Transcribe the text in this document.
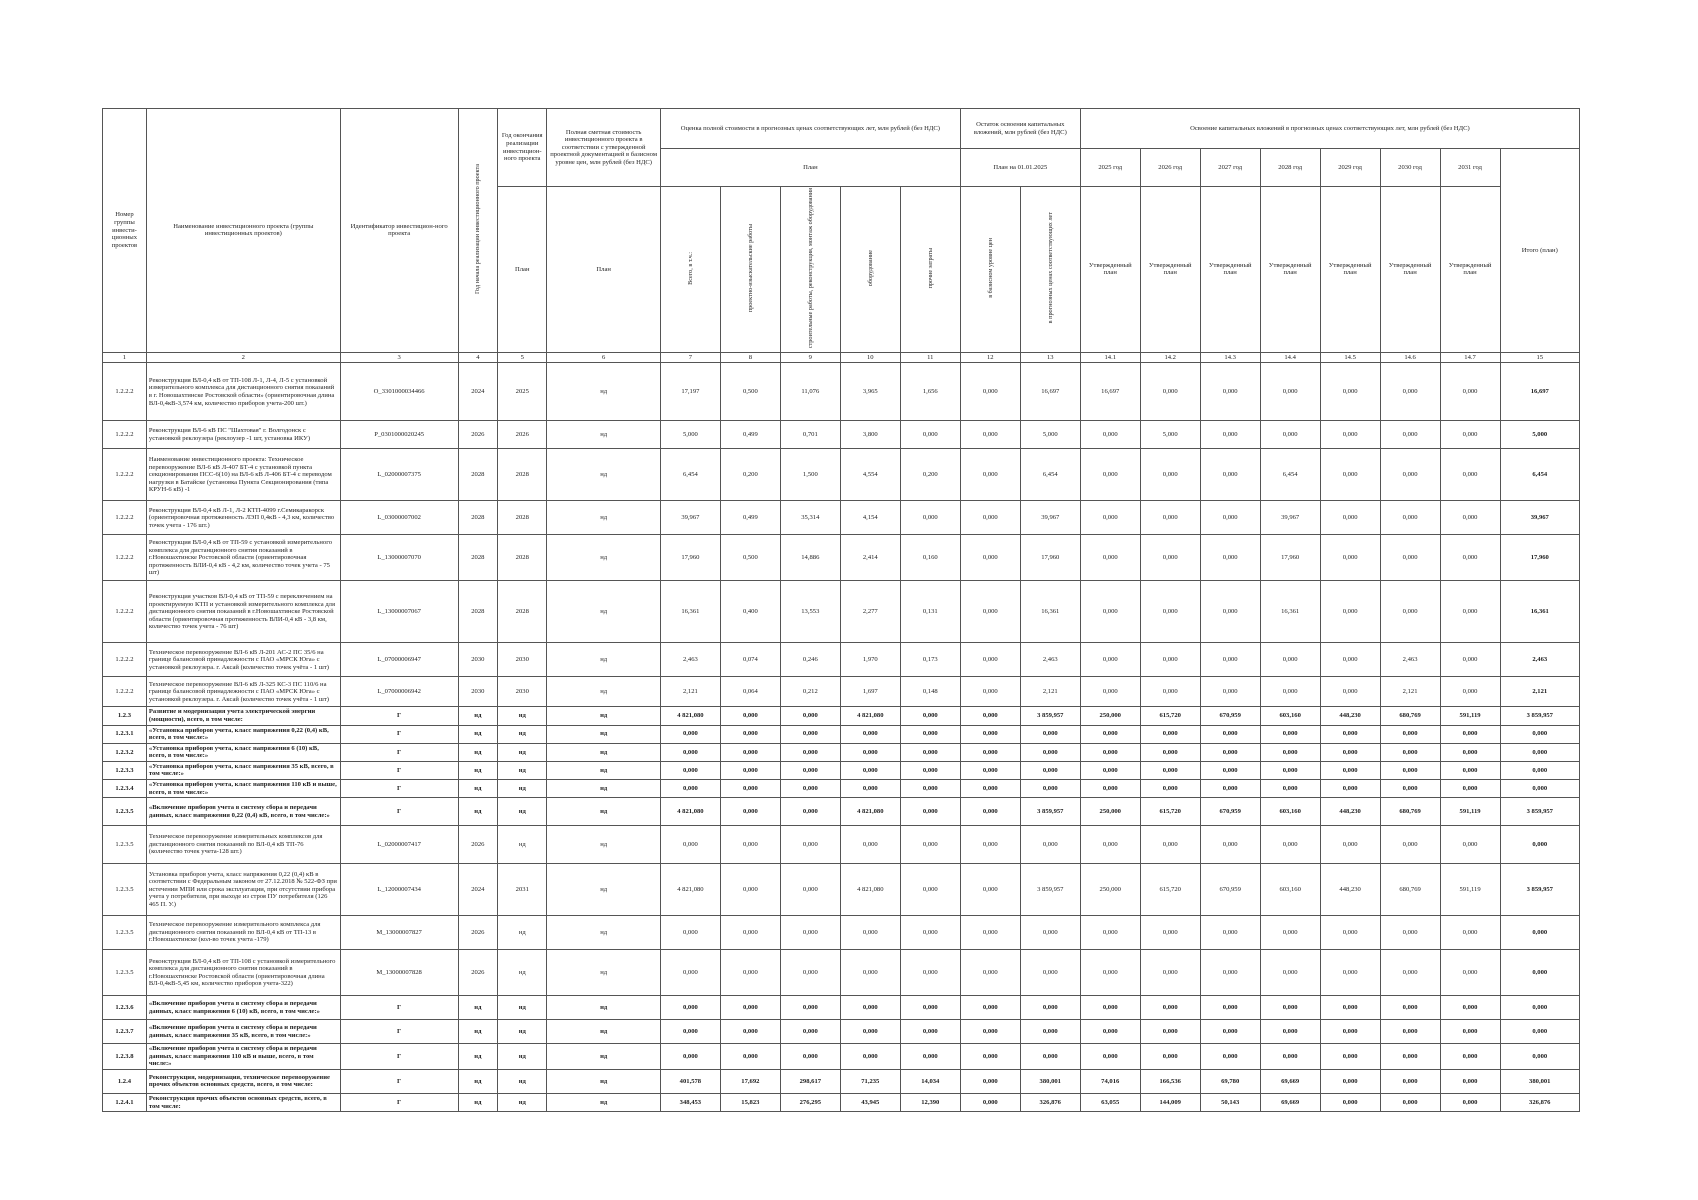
Номер группы инвести-ционных проектов	Наименование инвестиционного проекта (группы инвестиционных проектов)	Идентификатор инвестицион-ного проекта	Год начала реализации инвестиционного проекта	Год окончания реализации инвестицион-ного проекта	Полная сметная стоимость инвестиционного проекта в соответствии с утвержденной проектной документацией в базисном уровне цен, млн рублей (без НДС)	Оценка полной стоимости в прогнозных ценах соответствующих лет, млн рублей (без НДС)					Остаток освоения капитальных вложений, млн рублей (без НДС)		Освоение капитальных вложений в прогнозных ценах соответствующих лет, млн рублей (без НДС)							
						План					План на 01.01.2025		2025 год	2026 год	2027 год	2028 год	2029 год	2030 год	2031 год	Итого (план)
				План	План	Всего, в т.ч.:	проектно-изыскательские работы	строительные работы, реконструкция, монтаж оборудования	оборудование	прочие затраты	в базисном уровне цен	в прогнозных ценах соответствующих лет	Утвержденный план	Утвержденный план	Утвержденный план	Утвержденный план	Утвержденный план	Утвержденный план	Утвержденный план	
1	2	3	4	5	6	7	8	9	10	11	12	13	14.1	14.2	14.3	14.4	14.5	14.6	14.7	15
1.2.2.2	Реконструкция ВЛ-0,4 кВ от ТП-108 Л-1, Л-4, Л-5 с установкой измерительного комплекса для дистанционного снятия показаний в г. Новошахтинске Ростовской области» (ориентировочная длина ВЛ-0,4кВ-3,574 км, количество приборов учета-200 шт.)	O_3301000034466	2024	2025	нд	17,197	0,500	11,076	3,965	1,656	0,000	16,697	16,697	0,000	0,000	0,000	0,000	0,000	0,000	16,697
1.2.2.2	Реконструкция ВЛ-6 кВ ПС "Шахтовая" г. Волгодонск с установкой реклоузера (реклоузер -1 шт, установка ИКУ)	P_0301000020245	2026	2026	нд	5,000	0,499	0,701	3,800	0,000	0,000	5,000	0,000	5,000	0,000	0,000	0,000	0,000	0,000	5,000
1.2.2.2	Наименование инвестиционного проекта: Техническое перевооружение ВЛ-6 кВ Л-407 БТ-4 с установкой пункта секционирования ПСС-6(10) на ВЛ-6 кВ Л-406 БТ-4 с переводом нагрузки в Батайске (установка Пункта Секционирования (типа КРУН-6 кВ) -1	L_02000007375	2028	2028	нд	6,454	0,200	1,500	4,554	0,200	0,000	6,454	0,000	0,000	0,000	6,454	0,000	0,000	0,000	6,454
1.2.2.2	Реконструкция ВЛ-0,4 кВ Л-1, Л-2 КТП-4099 г.Семикаракорск (ориентировочная протяженность ЛЭП 0,4кВ - 4,3 км, количество точек учета - 176 шт.)	L_03000007002	2028	2028	нд	39,967	0,499	35,314	4,154	0,000	0,000	39,967	0,000	0,000	0,000	39,967	0,000	0,000	0,000	39,967
1.2.2.2	Реконструкция ВЛ-0,4 кВ от ТП-59 с установкой измерительного комплекса для дистанционного снятия показаний в г.Новошахтинске Ростовской области (ориентировочная протяженность ВЛИ-0,4 кВ - 4,2 км, количество точек учета - 75 шт)	L_13000007070	2028	2028	нд	17,960	0,500	14,886	2,414	0,160	0,000	17,960	0,000	0,000	0,000	17,960	0,000	0,000	0,000	17,960
1.2.2.2	Реконструкция участков ВЛ-0,4 кВ от ТП-59 с переключением на проектируемую КТП и установкой измерительного комплекса для дистанционного снятия показаний в г.Новошахтинске Ростовской области (ориентировочная протяженность ВЛИ-0,4 кВ - 3,8 км, количество точек учета - 76 шт)	L_13000007067	2028	2028	нд	16,361	0,400	13,553	2,277	0,131	0,000	16,361	0,000	0,000	0,000	16,361	0,000	0,000	0,000	16,361
1.2.2.2	Техническое перевооружение ВЛ-6 кВ Л-201 АС-2 ПС 35/6 на границе балансовой принадлежности с ПАО «МРСК Юга» с установкой реклоузера. г. Аксай (количество точек учёта - 1 шт)	L_07000006947	2030	2030	нд	2,463	0,074	0,246	1,970	0,173	0,000	2,463	0,000	0,000	0,000	0,000	0,000	2,463	0,000	2,463
1.2.2.2	Техническое перевооружение ВЛ-6 кВ Л-325 КС-3 ПС 110/6 на границе балансовой принадлежности с ПАО «МРСК Юга» с установкой реклоузера. г. Аксай (количество точек учёта - 1 шт)	L_07000006942	2030	2030	нд	2,121	0,064	0,212	1,697	0,148	0,000	2,121	0,000	0,000	0,000	0,000	0,000	2,121	0,000	2,121
1.2.3	Развитие и модернизация учета электрической энергии (мощности), всего, в том числе:	Г	нд	нд	нд	4 821,080	0,000	0,000	4 821,080	0,000	0,000	3 859,957	250,000	615,720	670,959	603,160	448,230	680,769	591,119	3 859,957
1.2.3.1	«Установка приборов учета, класс напряжения 0,22 (0,4) кВ, всего, в том числе:»	Г	нд	нд	нд	0,000	0,000	0,000	0,000	0,000	0,000	0,000	0,000	0,000	0,000	0,000	0,000	0,000	0,000	0,000
1.2.3.2	«Установка приборов учета, класс напряжения 6 (10) кВ, всего, в том числе:»	Г	нд	нд	нд	0,000	0,000	0,000	0,000	0,000	0,000	0,000	0,000	0,000	0,000	0,000	0,000	0,000	0,000	0,000
1.2.3.3	«Установка приборов учета, класс напряжения 35 кВ, всего, в том числе:»	Г	нд	нд	нд	0,000	0,000	0,000	0,000	0,000	0,000	0,000	0,000	0,000	0,000	0,000	0,000	0,000	0,000	0,000
1.2.3.4	«Установка приборов учета, класс напряжения 110 кВ и выше, всего, в том числе:»	Г	нд	нд	нд	0,000	0,000	0,000	0,000	0,000	0,000	0,000	0,000	0,000	0,000	0,000	0,000	0,000	0,000	0,000
1.2.3.5	«Включение приборов учета в систему сбора и передачи данных, класс напряжения 0,22 (0,4) кВ, всего, в том числе:»	Г	нд	нд	нд	4 821,080	0,000	0,000	4 821,080	0,000	0,000	3 859,957	250,000	615,720	670,959	603,160	448,230	680,769	591,119	3 859,957
1.2.3.5	Техническое перевооружение измерительных комплексов для дистанционного снятия показаний по ВЛ-0,4 кВ ТП-76 (количество точек учета-128 шт.)	L_02000007417	2026	нд	нд	0,000	0,000	0,000	0,000	0,000	0,000	0,000	0,000	0,000	0,000	0,000	0,000	0,000	0,000	0,000
1.2.3.5	Установка приборов учета, класс напряжения 0,22 (0,4) кВ в соответствии с Федеральным законом от 27.12.2018 № 522-ФЗ при истечении МПИ или срока эксплуатации, при отсутствии прибора учета у потребителя, при выходе из строя ПУ потребителя (126 465 П. У.)	L_12000007434	2024	2031	нд	4 821,080	0,000	0,000	4 821,080	0,000	0,000	3 859,957	250,000	615,720	670,959	603,160	448,230	680,769	591,119	3 859,957
1.2.3.5	Техническое перевооружение измерительного комплекса для дистанционного снятия показаний по ВЛ-0,4 кВ от ТП-13 в г.Новошахтинске (кол-во точек учета -179)	M_13000007827	2026	нд	нд	0,000	0,000	0,000	0,000	0,000	0,000	0,000	0,000	0,000	0,000	0,000	0,000	0,000	0,000	0,000
1.2.3.5	Реконструкция ВЛ-0,4 кВ от ТП-108 с установкой измерительного комплекса для дистанционного снятия показаний в г.Новошахтинске Ростовской области (ориентировочная длина ВЛ-0,4кВ-5,45 км, количество приборов учета-322)	M_13000007828	2026	нд	нд	0,000	0,000	0,000	0,000	0,000	0,000	0,000	0,000	0,000	0,000	0,000	0,000	0,000	0,000	0,000
1.2.3.6	«Включение приборов учета в систему сбора и передачи данных, класс напряжения 6 (10) кВ, всего, в том числе:»	Г	нд	нд	нд	0,000	0,000	0,000	0,000	0,000	0,000	0,000	0,000	0,000	0,000	0,000	0,000	0,000	0,000	0,000
1.2.3.7	«Включение приборов учета в систему сбора и передачи данных, класс напряжения 35 кВ, всего, в том числе:»	Г	нд	нд	нд	0,000	0,000	0,000	0,000	0,000	0,000	0,000	0,000	0,000	0,000	0,000	0,000	0,000	0,000	0,000
1.2.3.8	«Включение приборов учета в систему сбора и передачи данных, класс напряжения 110 кВ и выше, всего, в том числе:»	Г	нд	нд	нд	0,000	0,000	0,000	0,000	0,000	0,000	0,000	0,000	0,000	0,000	0,000	0,000	0,000	0,000	0,000
1.2.4	Реконструкция, модернизация, техническое перевооружение прочих объектов основных средств, всего, в том числе:	Г	нд	нд	нд	401,578	17,692	298,617	71,235	14,034	0,000	380,001	74,016	166,536	69,780	69,669	0,000	0,000	0,000	380,001
1.2.4.1	Реконструкция прочих объектов основных средств, всего, в том числе:	Г	нд	нд	нд	348,453	15,823	276,295	43,945	12,390	0,000	326,876	63,055	144,009	50,143	69,669	0,000	0,000	0,000	326,876
